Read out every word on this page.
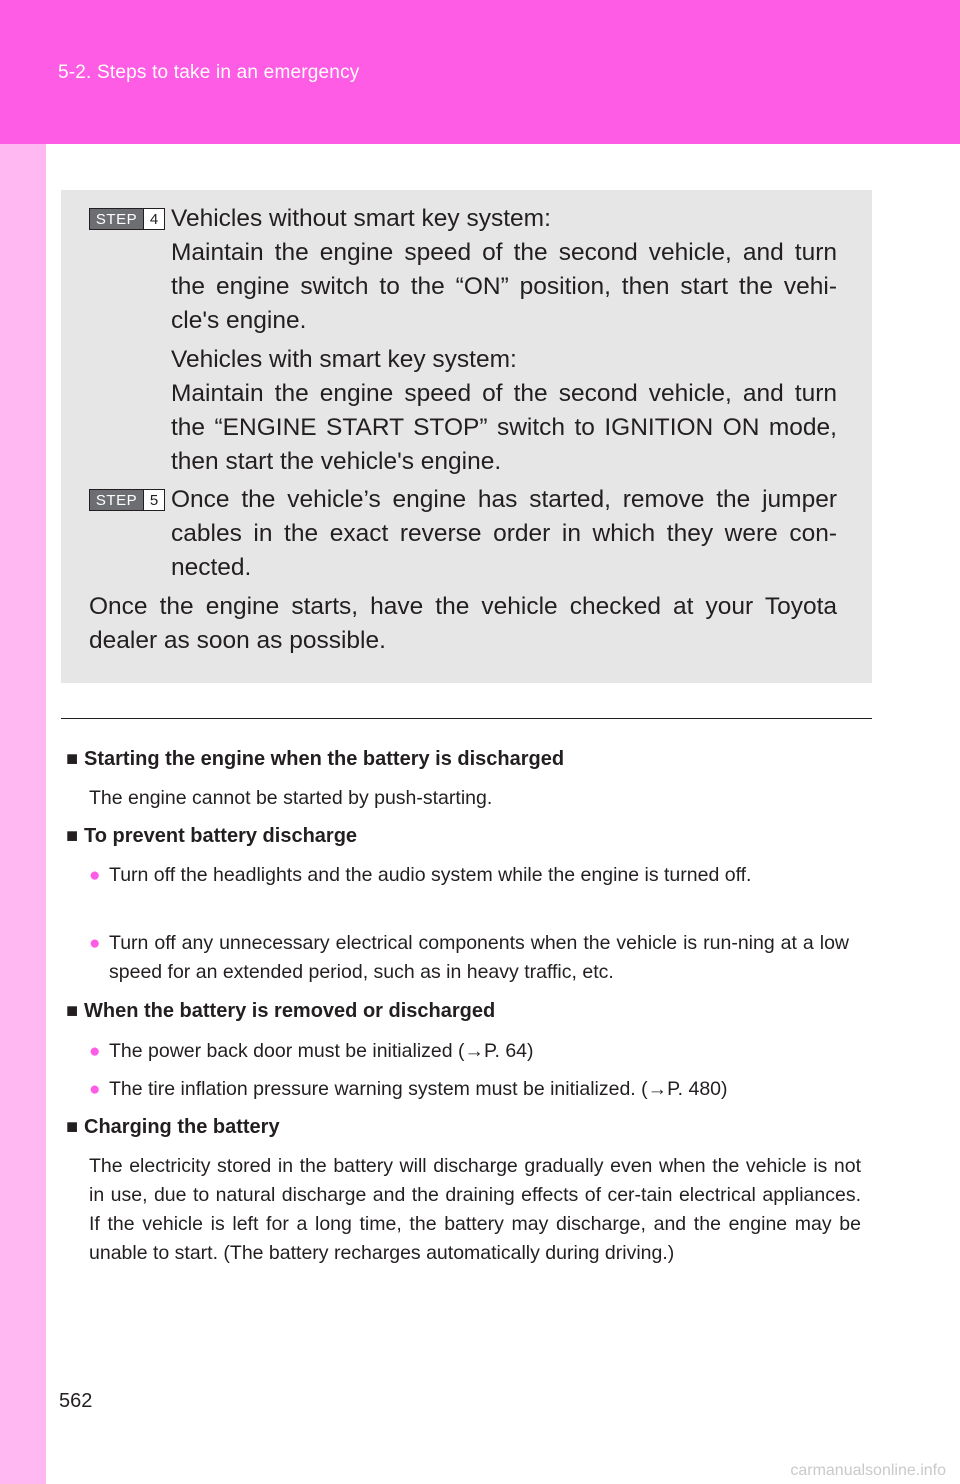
5-2. Steps to take in an emergency
STEP 4 Vehicles without smart key system:
Maintain the engine speed of the second vehicle, and turn
the engine switch to the “ON” position, then start the vehi-
cle's engine.
Vehicles with smart key system:
Maintain the engine speed of the second vehicle, and turn
the “ENGINE START STOP” switch to IGNITION ON mode,
then start the vehicle's engine.
STEP 5 Once the vehicle’s engine has started, remove the jumper
cables in the exact reverse order in which they were con-
nected.
Once the engine starts, have the vehicle checked at your Toyota dealer as soon as possible.
■ Starting the engine when the battery is discharged
The engine cannot be started by push-starting.
■ To prevent battery discharge
● Turn off the headlights and the audio system while the engine is turned off.
● Turn off any unnecessary electrical components when the vehicle is run-ning at a low speed for an extended period, such as in heavy traffic, etc.
■ When the battery is removed or discharged
● The power back door must be initialized (→P. 64)
● The tire inflation pressure warning system must be initialized. (→P. 480)
■ Charging the battery
The electricity stored in the battery will discharge gradually even when the vehicle is not in use, due to natural discharge and the draining effects of cer-tain electrical appliances. If the vehicle is left for a long time, the battery may discharge, and the engine may be unable to start. (The battery recharges automatically during driving.)
562
carmanualsonline.info
